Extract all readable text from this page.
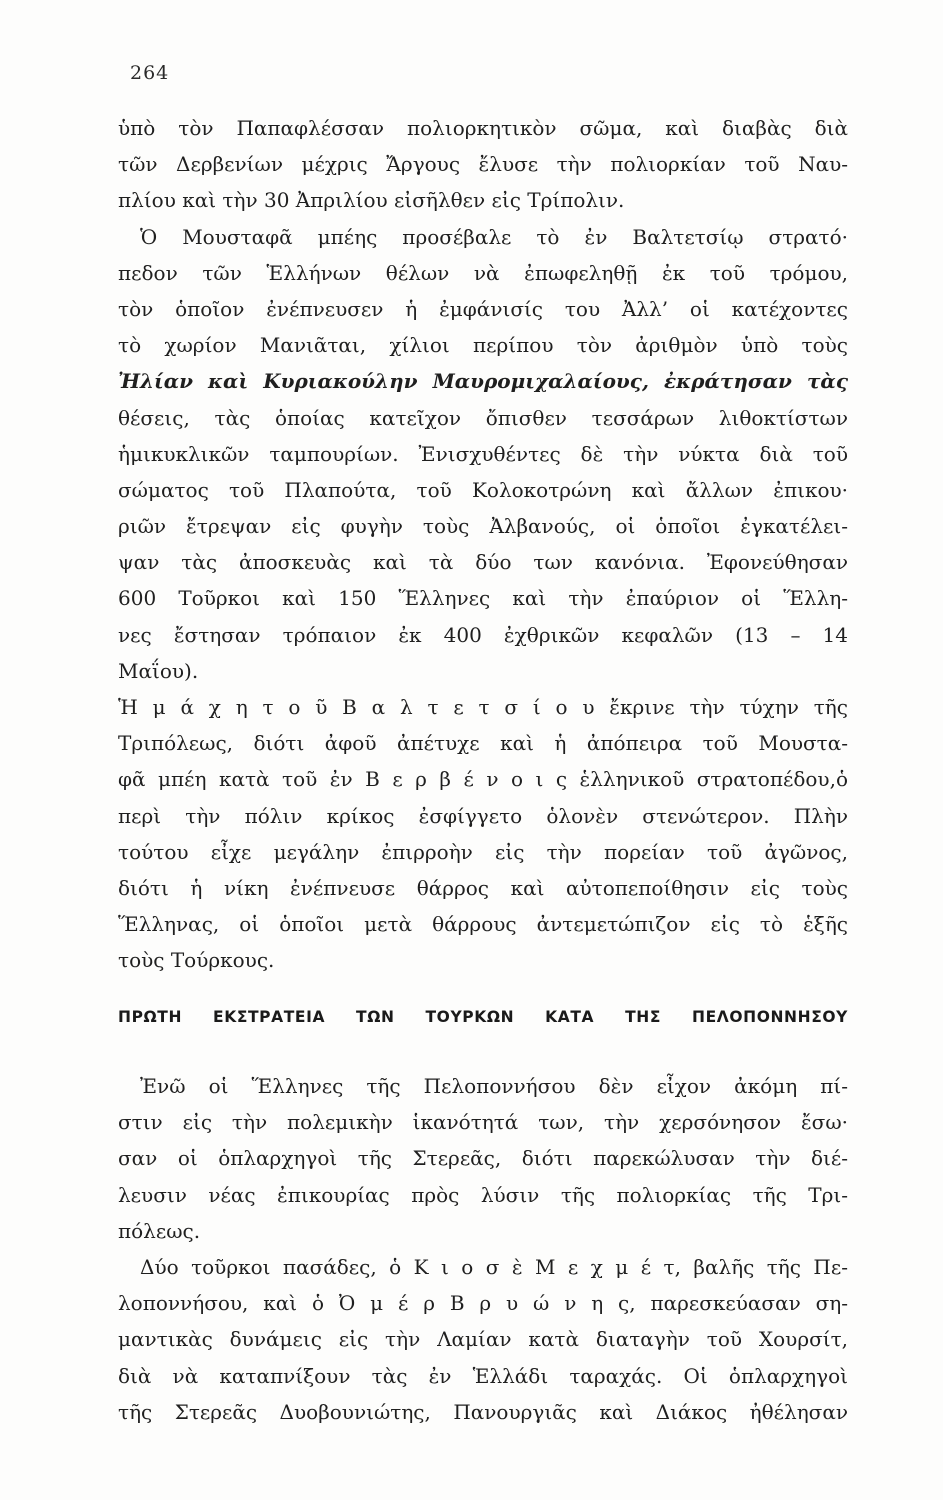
264
ὑπὸ τὸν Παπαφλέσσαν πολιορκητικὸν σῶμα, καὶ διαβὰς διὰ
τῶν Δερβενίων μέχρις Ἄργους ἔλυσε τὴν πολιορκίαν τοῦ Ναυ-
πλίου καὶ τὴν 30 Ἀπριλίου εἰσῆλθεν εἰς Τρίπολιν.
Ὁ Μουσταφᾶ μπέης προσέβαλε τὸ ἐν Βαλτετσίῳ στρατό·
πεδον τῶν Ἑλλήνων θέλων νὰ ἐπωφεληθῇ ἐκ τοῦ τρόμου,
τὸν ὁποῖον ἐνέπνευσεν ἡ ἐμφάνισίς του Ἀλλ’ οἱ κατέχοντες
τὸ χωρίον Μανιᾶται, χίλιοι περίπου τὸν ἀριθμὸν ὑπὸ τοὺς
Ἠλίαν καὶ Κυριακούλην Μαυρομιχαλαίους, ἐκράτησαν τὰς
θέσεις, τὰς ὁποίας κατεῖχον ὄπισθεν τεσσάρων λιθοκτίστων
ἡμικυκλικῶν ταμπουρίων. Ἐνισχυθέντες δὲ τὴν νύκτα διὰ τοῦ
σώματος τοῦ Πλαπούτα, τοῦ Κολοκοτρώνη καὶ ἄλλων ἐπικου·
ριῶν ἔτρεψαν εἰς φυγὴν τοὺς Ἀλβανούς, οἱ ὁποῖοι ἐγκατέλει-
ψαν τὰς ἀποσκευὰς καὶ τὰ δύο των κανόνια. Ἐφονεύθησαν
600 Τοῦρκοι καὶ 150 Ἕλληνες καὶ τὴν ἐπαύριον οἱ Ἕλλη-
νες ἔστησαν τρόπαιον ἐκ 400 ἐχθρικῶν κεφαλῶν (13 – 14
Μαΐου).
Ἡ μ ά χ η τ ο ῦ Β α λ τ ε τ σ ί ο υ ἔκρινε τὴν τύχην τῆς
Τριπόλεως, διότι ἀφοῦ ἀπέτυχε καὶ ἡ ἀπόπειρα τοῦ Μουστα-
φᾶ μπέη κατὰ τοῦ ἐν Β ε ρ β έ ν ο ι ς ἑλληνικοῦ στρατοπέδου,ὁ
περὶ τὴν πόλιν κρίκος ἐσφίγγετο ὁλονὲν στενώτερον. Πλὴν
τούτου εἶχε μεγάλην ἐπιρροὴν εἰς τὴν πορείαν τοῦ ἀγῶνος,
διότι ἡ νίκη ἐνέπνευσε θάρρος καὶ αὐτοπεποίθησιν εἰς τοὺς
Ἕλληνας, οἱ ὁποῖοι μετὰ θάρρους ἀντεμετώπιζον εἰς τὸ ἑξῆς
τοὺς Τούρκους.
ΠΡΩΤΗ ΕΚΣΤΡΑΤΕΙΑ ΤΩΝ ΤΟΥΡΚΩΝ ΚΑΤΑ ΤΗΣ ΠΕΛΟΠΟΝΝΗΣΟΥ
Ἐνῶ οἱ Ἕλληνες τῆς Πελοποννήσου δὲν εἶχον ἀκόμη πί-
στιν εἰς τὴν πολεμικὴν ἱκανότητά των, τὴν χερσόνησον ἔσω·
σαν οἱ ὁπλαρχηγοὶ τῆς Στερεᾶς, διότι παρεκώλυσαν τὴν διέ-
λευσιν νέας ἐπικουρίας πρὸς λύσιν τῆς πολιορκίας τῆς Τρι-
πόλεως.
Δύο τοῦρκοι πασάδες, ὁ Κ ι ο σ ὲ Μ ε χ μ έ τ, βαλῆς τῆς Πε-
λοποννήσου, καὶ ὁ Ὀ μ έ ρ Β ρ υ ώ ν η ς, παρεσκεύασαν ση-
μαντικὰς δυνάμεις εἰς τὴν Λαμίαν κατὰ διαταγὴν τοῦ Χουρσίτ,
διὰ νὰ καταπνίξουν τὰς ἐν Ἑλλάδι ταραχάς. Οἱ ὁπλαρχηγοὶ
τῆς Στερεᾶς Δυοβουνιώτης, Πανουργιᾶς καὶ Διάκος ἠθέλησαν
